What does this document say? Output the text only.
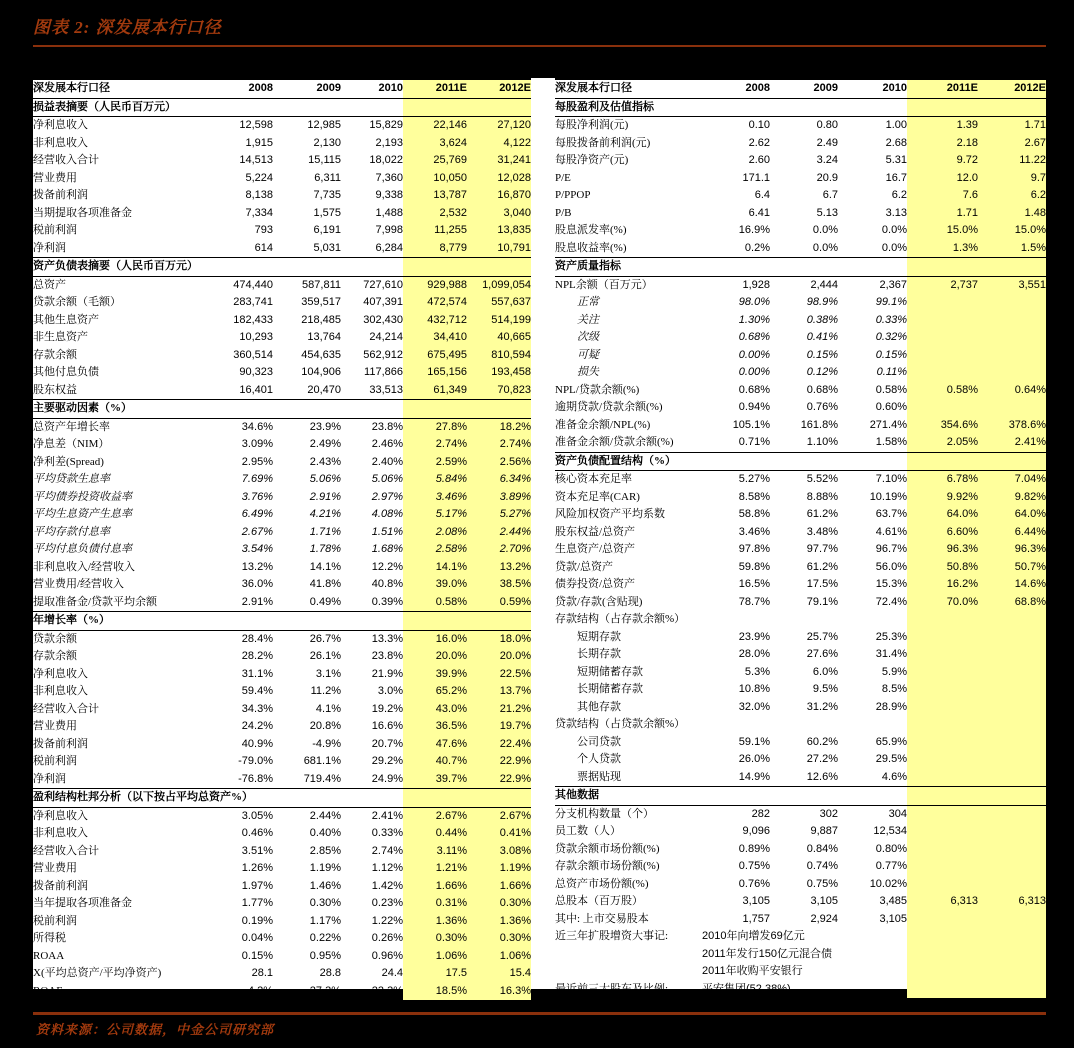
图表 2: 深发展本行口径
深发展本行口径	2008	2009	2010	2011E	2012E
损益表摘要（人民币百万元）					
净利息收入	12,598	12,985	15,829	22,146	27,120
非利息收入	1,915	2,130	2,193	3,624	4,122
经营收入合计	14,513	15,115	18,022	25,769	31,241
营业费用	5,224	6,311	7,360	10,050	12,028
拨备前利润	8,138	7,735	9,338	13,787	16,870
当期提取各项准备金	7,334	1,575	1,488	2,532	3,040
税前利润	793	6,191	7,998	11,255	13,835
净利润	614	5,031	6,284	8,779	10,791
资产负债表摘要（人民币百万元）					
总资产	474,440	587,811	727,610	929,988	1,099,054
贷款余额（毛额）	283,741	359,517	407,391	472,574	557,637
其他生息资产	182,433	218,485	302,430	432,712	514,199
非生息资产	10,293	13,764	24,214	34,410	40,665
存款余额	360,514	454,635	562,912	675,495	810,594
其他付息负债	90,323	104,906	117,866	165,156	193,458
股东权益	16,401	20,470	33,513	61,349	70,823
主要驱动因素（%）					
总资产年增长率	34.6%	23.9%	23.8%	27.8%	18.2%
净息差（NIM）	3.09%	2.49%	2.46%	2.74%	2.74%
净利差(Spread)	2.95%	2.43%	2.40%	2.59%	2.56%
平均贷款生息率	7.69%	5.06%	5.06%	5.84%	6.34%
平均债券投资收益率	3.76%	2.91%	2.97%	3.46%	3.89%
平均生息资产生息率	6.49%	4.21%	4.08%	5.17%	5.27%
平均存款付息率	2.67%	1.71%	1.51%	2.08%	2.44%
平均付息负债付息率	3.54%	1.78%	1.68%	2.58%	2.70%
非利息收入/经营收入	13.2%	14.1%	12.2%	14.1%	13.2%
营业费用/经营收入	36.0%	41.8%	40.8%	39.0%	38.5%
提取准备金/贷款平均余额	2.91%	0.49%	0.39%	0.58%	0.59%
年增长率（%）					
贷款余额	28.4%	26.7%	13.3%	16.0%	18.0%
存款余额	28.2%	26.1%	23.8%	20.0%	20.0%
净利息收入	31.1%	3.1%	21.9%	39.9%	22.5%
非利息收入	59.4%	11.2%	3.0%	65.2%	13.7%
经营收入合计	34.3%	4.1%	19.2%	43.0%	21.2%
营业费用	24.2%	20.8%	16.6%	36.5%	19.7%
拨备前利润	40.9%	-4.9%	20.7%	47.6%	22.4%
税前利润	-79.0%	681.1%	29.2%	40.7%	22.9%
净利润	-76.8%	719.4%	24.9%	39.7%	22.9%
盈利结构杜邦分析（以下按占平均总资产%）					
净利息收入	3.05%	2.44%	2.41%	2.67%	2.67%
非利息收入	0.46%	0.40%	0.33%	0.44%	0.41%
经营收入合计	3.51%	2.85%	2.74%	3.11%	3.08%
营业费用	1.26%	1.19%	1.12%	1.21%	1.19%
拨备前利润	1.97%	1.46%	1.42%	1.66%	1.66%
当年提取各项准备金	1.77%	0.30%	0.23%	0.31%	0.30%
税前利润	0.19%	1.17%	1.22%	1.36%	1.36%
所得税	0.04%	0.22%	0.26%	0.30%	0.30%
ROAA	0.15%	0.95%	0.96%	1.06%	1.06%
X(平均总资产/平均净资产)	28.1	28.8	24.4	17.5	15.4
ROAE	4.2%	27.3%	23.3%	18.5%	16.3%
深发展本行口径	2008	2009	2010	2011E	2012E
每股盈利及估值指标					
每股净利润(元)	0.10	0.80	1.00	1.39	1.71
每股拨备前利润(元)	2.62	2.49	2.68	2.18	2.67
每股净资产(元)	2.60	3.24	5.31	9.72	11.22
P/E	171.1	20.9	16.7	12.0	9.7
P/PPOP	6.4	6.7	6.2	7.6	6.2
P/B	6.41	5.13	3.13	1.71	1.48
股息派发率(%)	16.9%	0.0%	0.0%	15.0%	15.0%
股息收益率(%)	0.2%	0.0%	0.0%	1.3%	1.5%
资产质量指标					
NPL余额（百万元）	1,928	2,444	2,367	2,737	3,551
正常	98.0%	98.9%	99.1%		
关注	1.30%	0.38%	0.33%		
次级	0.68%	0.41%	0.32%		
可疑	0.00%	0.15%	0.15%		
损失	0.00%	0.12%	0.11%		
NPL/贷款余额(%)	0.68%	0.68%	0.58%	0.58%	0.64%
逾期贷款/贷款余额(%)	0.94%	0.76%	0.60%		
准备金余额/NPL(%)	105.1%	161.8%	271.4%	354.6%	378.6%
准备金余额/贷款余额(%)	0.71%	1.10%	1.58%	2.05%	2.41%
资产负债配置结构（%）					
核心资本充足率	5.27%	5.52%	7.10%	6.78%	7.04%
资本充足率(CAR)	8.58%	8.88%	10.19%	9.92%	9.82%
风险加权资产平均系数	58.8%	61.2%	63.7%	64.0%	64.0%
股东权益/总资产	3.46%	3.48%	4.61%	6.60%	6.44%
生息资产/总资产	97.8%	97.7%	96.7%	96.3%	96.3%
贷款/总资产	59.8%	61.2%	56.0%	50.8%	50.7%
债券投资/总资产	16.5%	17.5%	15.3%	16.2%	14.6%
贷款/存款(含贴现)	78.7%	79.1%	72.4%	70.0%	68.8%
存款结构（占存款余额%）					
短期存款	23.9%	25.7%	25.3%		
长期存款	28.0%	27.6%	31.4%		
短期储蓄存款	5.3%	6.0%	5.9%		
长期储蓄存款	10.8%	9.5%	8.5%		
其他存款	32.0%	31.2%	28.9%		
贷款结构（占贷款余额%）					
公司贷款	59.1%	60.2%	65.9%		
个人贷款	26.0%	27.2%	29.5%		
票据贴现	14.9%	12.6%	4.6%		
其他数据					
分支机构数量（个）	282	302	304		
员工数（人）	9,096	9,887	12,534		
贷款余额市场份额(%)	0.89%	0.84%	0.80%		
存款余额市场份额(%)	0.75%	0.74%	0.77%		
总资产市场份额(%)	0.76%	0.75%	10.02%		
总股本（百万股）	3,105	3,105	3,485	6,313	6,313
其中: 上市交易股本	1,757	2,924	3,105		
近三年扩股增资大事记:	2010年向增发69亿元				
	2011年发行150亿元混合债				
	2011年收购平安银行				
最近前三大股东及比例:	平安集团(52.38%)				
资料来源：公司数据，中金公司研究部
